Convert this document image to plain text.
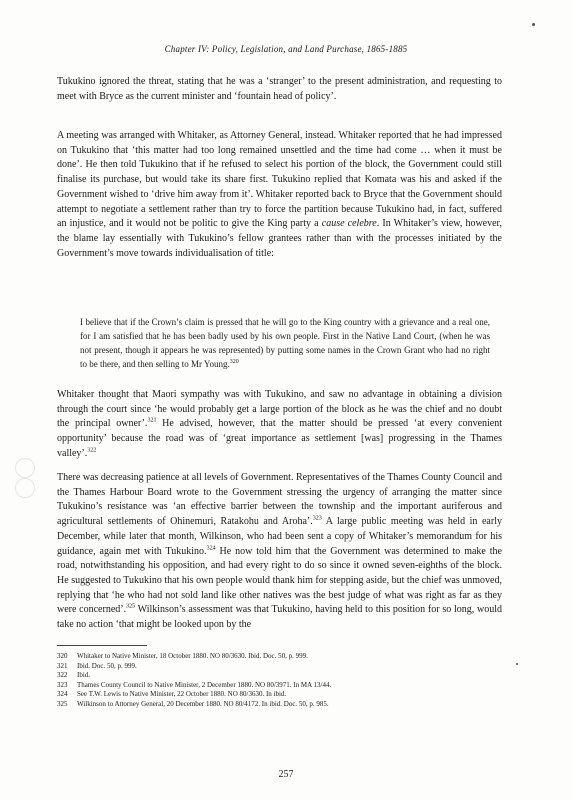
Chapter IV: Policy, Legislation, and Land Purchase, 1865-1885

Tukukino ignored the threat, stating that he was a ‘stranger’ to the present administration, and requesting to meet with Bryce as the current minister and ‘fountain head of policy’.

A meeting was arranged with Whitaker, as Attorney General, instead. Whitaker reported that he had impressed on Tukukino that ‘this matter had too long remained unsettled and the time had come … when it must be done’. He then told Tukukino that if he refused to select his portion of the block, the Government could still finalise its purchase, but would take its share first. Tukukino replied that Komata was his and asked if the Government wished to ‘drive him away from it’. Whitaker reported back to Bryce that the Government should attempt to negotiate a settlement rather than try to force the partition because Tukukino had, in fact, suffered an injustice, and it would not be politic to give the King party a cause celebre. In Whitaker’s view, however, the blame lay essentially with Tukukino’s fellow grantees rather than with the processes initiated by the Government’s move towards individualisation of title:

I believe that if the Crown’s claim is pressed that he will go to the King country with a grievance and a real one, for I am satisfied that he has been badly used by his own people. First in the Native Land Court, (when he was not present, though it appears he was represented) by putting some names in the Crown Grant who had no right to be there, and then selling to Mr Young.$^{320}$

Whitaker thought that Maori sympathy was with Tukukino, and saw no advantage in obtaining a division through the court since ‘he would probably get a large portion of the block as he was the chief and no doubt the principal owner’.$^{321}$ He advised, however, that the matter should be pressed ‘at every convenient opportunity’ because the road was of ‘great importance as settlement [was] progressing in the Thames valley’.$^{322}$

There was decreasing patience at all levels of Government. Representatives of the Thames County Council and the Thames Harbour Board wrote to the Government stressing the urgency of arranging the matter since Tukukino’s resistance was ‘an effective barrier between the township and the important auriferous and agricultural settlements of Ohinemuri, Ratakohu and Aroha’.$^{323}$ A large public meeting was held in early December, while later that month, Wilkinson, who had been sent a copy of Whitaker’s memorandum for his guidance, again met with Tukukino.$^{324}$ He now told him that the Government was determined to make the road, notwithstanding his opposition, and had every right to do so since it owned seven-eighths of the block. He suggested to Tukukino that his own people would thank him for stepping aside, but the chief was unmoved, replying that ‘he who had not sold land like other natives was the best judge of what was right as far as they were concerned’.$^{325}$ Wilkinson’s assessment was that Tukukino, having held to this position for so long, would take no action ‘that might be looked upon by the

320 Whitaker to Native Minister, 18 October 1880. NO 80/3630. Ibid. Doc. 50, p. 999.
321 Ibid. Doc. 50, p. 999.
322 Ibid.
323 Thames County Council to Native Minister, 2 December 1880. NO 80/3971. In MA 13/44.
324 See T.W. Lewis to Native Minister, 22 October 1880. NO 80/3630. In ibid.
325 Wilkinson to Attorney General, 20 December 1880. NO 80/4172. In ibid. Doc. 50, p. 985.
257
